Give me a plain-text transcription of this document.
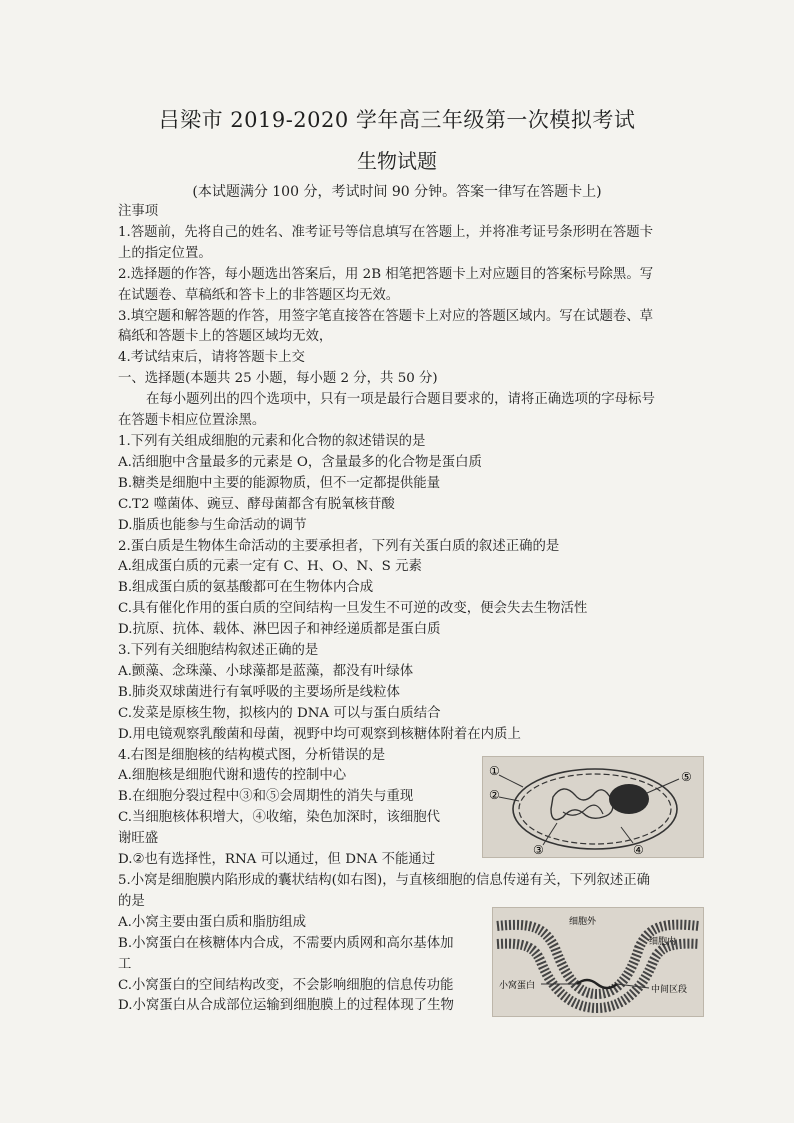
吕梁市 2019-2020 学年高三年级第一次模拟考试
生物试题
(本试题满分 100 分，考试时间 90 分钟。答案一律写在答题卡上)
注事项
1.答题前，先将自己的姓名、准考证号等信息填写在答题上，并将准考证号条形明在答题卡
上的指定位置。
2.选择题的作答，每小题选出答案后，用 2B 相笔把答题卡上对应题目的答案标号除黑。写
在试题卷、草稿纸和答卡上的非答题区均无效。
3.填空题和解答题的作答，用签字笔直接答在答题卡上对应的答题区域内。写在试题卷、草
稿纸和答题卡上的答题区域均无效，
4.考试结束后，请将答题卡上交
一、选择题(本题共 25 小题，每小题 2 分，共 50 分)
在每小题列出的四个选项中，只有一项是最行合题目要求的，请将正确选项的字母标号
在答题卡相应位置涂黑。
1.下列有关组成细胞的元素和化合物的叙述错误的是
A.活细胞中含量最多的元素是 O，含量最多的化合物是蛋白质
B.糖类是细胞中主要的能源物质，但不一定都提供能量
C.T2 噬菌体、豌豆、酵母菌都含有脱氧核苷酸
D.脂质也能参与生命活动的调节
2.蛋白质是生物体生命活动的主要承担者，下列有关蛋白质的叙述正确的是
A.组成蛋白质的元素一定有 C、H、O、N、S 元素
B.组成蛋白质的氨基酸都可在生物体内合成
C.具有催化作用的蛋白质的空间结构一旦发生不可逆的改变，便会失去生物活性
D.抗原、抗体、载体、淋巴因子和神经递质都是蛋白质
3.下列有关细胞结构叙述正确的是
A.颤藻、念珠藻、小球藻都是蓝藻，都没有叶绿体
B.肺炎双球菌进行有氧呼吸的主要场所是线粒体
C.发菜是原核生物，拟核内的 DNA 可以与蛋白质结合
D.用电镜观察乳酸菌和母菌，视野中均可观察到核糖体附着在内质上
4.右图是细胞核的结构模式图，分析错误的是
A.细胞核是细胞代谢和遗传的控制中心
B.在细胞分裂过程中③和⑤会周期性的消失与重现
C.当细胞核体积增大，④收缩，染色加深时，该细胞代
谢旺盛
D.②也有选择性，RNA 可以通过，但 DNA 不能通过
5.小窝是细胞膜内陷形成的囊状结构(如右图)，与直核细胞的信息传递有关，下列叙述正确
的是
A.小窝主要由蛋白质和脂肪组成
B.小窝蛋白在核糖体内合成，不需要内质网和高尔基体加
工
C.小窝蛋白的空间结构改变，不会影响细胞的信息传功能
D.小窝蛋白从合成部位运输到细胞膜上的过程体现了生物
①
②
③	④
⑤
细胞外
细胞内
小窝蛋白	中间区段
